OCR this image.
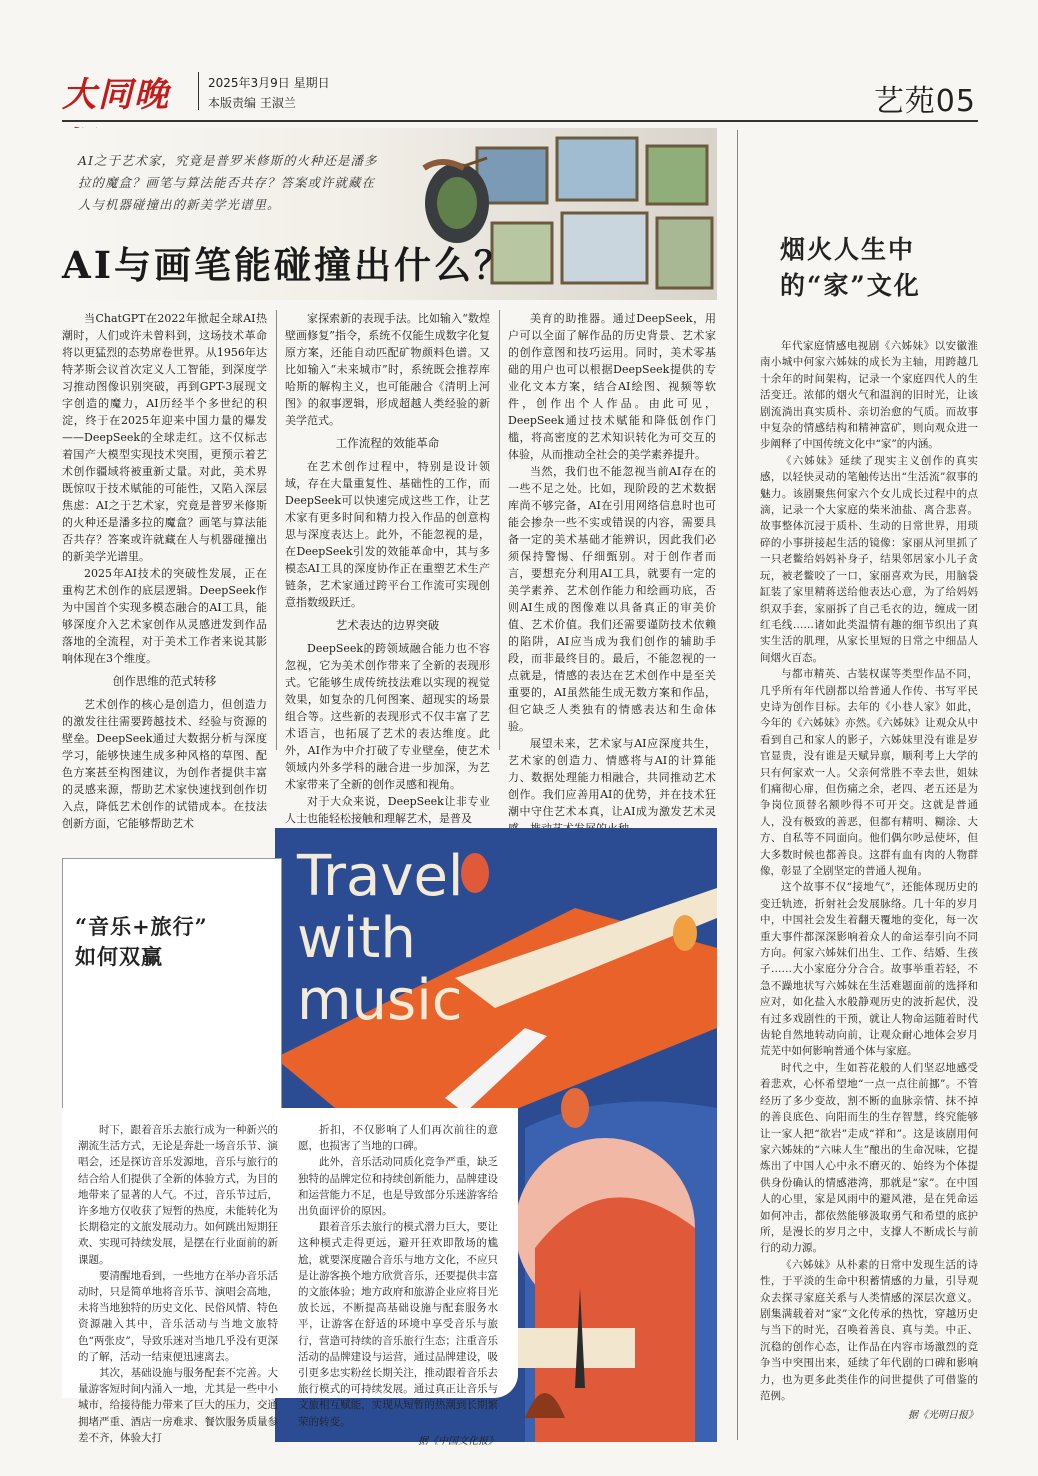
大同晚	2025年3月9日 星期日
本版责编 王淑兰	艺苑05
AI之于艺术家，究竟是普罗米修斯的火种还是潘多拉的魔盒？画笔与算法能否共存？答案或许就藏在人与机器碰撞出的新美学光谱里。
AI与画笔能碰撞出什么？

当ChatGPT在2022年掀起全球AI热潮时，人们或许未曾料到，这场技术革命将以更猛烈的态势席卷世界。从1956年达特茅斯会议首次定义人工智能，到深度学习推动图像识别突破，再到GPT-3展现文字创造的魔力，AI历经半个多世纪的积淀，终于在2025年迎来中国力量的爆发——DeepSeek的全球走红。这不仅标志着国产大模型实现技术突围，更预示着艺术创作疆域将被重新丈量。对此，美术界既惊叹于技术赋能的可能性，又陷入深层焦虑：AI之于艺术家，究竟是普罗米修斯的火种还是潘多拉的魔盒？画笔与算法能否共存？答案或许就藏在人与机器碰撞出的新美学光谱里。

2025年AI技术的突破性发展，正在重构艺术创作的底层逻辑。DeepSeek作为中国首个实现多模态融合的AI工具，能够深度介入艺术家创作从灵感迸发到作品落地的全流程，对于美术工作者来说其影响体现在3个维度。

创作思维的范式转移

艺术创作的核心是创造力，但创造力的激发往往需要跨越技术、经验与资源的壁垒。DeepSeek通过大数据分析与深度学习，能够快速生成多种风格的草图、配色方案甚至构图建议，为创作者提供丰富的灵感来源，帮助艺术家快速找到创作切入点，降低艺术创作的试错成本。在技法创新方面，它能够帮助艺术

家探索新的表现手法。比如输入“数煌壁画修复”指令，系统不仅能生成数字化复原方案，还能自动匹配矿物颜料色谱。又比如输入“未来城市”时，系统既会推荐库哈斯的解构主义，也可能融合《清明上河图》的叙事逻辑，形成超越人类经验的新美学范式。

工作流程的效能革命

在艺术创作过程中，特别是设计领域，存在大量重复性、基础性的工作，而DeepSeek可以快速完成这些工作，让艺术家有更多时间和精力投入作品的创意构思与深度表达上。此外，不能忽视的是，在DeepSeek引发的效能革命中，其与多模态AI工具的深度协作正在重塑艺术生产链条，艺术家通过跨平台工作流可实现创意指数级跃迁。

艺术表达的边界突破

DeepSeek的跨领域融合能力也不容忽视，它为美术创作带来了全新的表现形式。它能够生成传统技法难以实现的视觉效果，如复杂的几何图案、超现实的场景组合等。这些新的表现形式不仅丰富了艺术语言，也拓展了艺术的表达维度。此外，AI作为中介打破了专业壁垒，使艺术领域内外多学科的融合进一步加深，为艺术家带来了全新的创作灵感和视角。

对于大众来说，DeepSeek让非专业人士也能轻松接触和理解艺术，是普及

美育的助推器。通过DeepSeek，用户可以全面了解作品的历史背景、艺术家的创作意图和技巧运用。同时，美术零基础的用户也可以根据DeepSeek提供的专业化文本方案，结合AI绘图、视频等软件，创作出个人作品。由此可见，DeepSeek通过技术赋能和降低创作门槛，将高密度的艺术知识转化为可交互的体验，从而推动全社会的美学素养提升。

当然，我们也不能忽视当前AI存在的一些不足之处。比如，现阶段的艺术数据库尚不够完备，AI在引用网络信息时也可能会掺杂一些不实或错误的内容，需要具备一定的美术基础才能辨识，因此我们必须保持警惕、仔细甄别。对于创作者而言，要想充分利用AI工具，就要有一定的美学素养、艺术创作能力和绘画功底，否则AI生成的图像难以具备真正的审美价值、艺术价值。我们还需要谨防技术依赖的陷阱，AI应当成为我们创作的辅助手段，而非最终目的。最后，不能忽视的一点就是，情感的表达在艺术创作中是至关重要的，AI虽然能生成无数方案和作品，但它缺乏人类独有的情感表达和生命体验。

展望未来，艺术家与AI应深度共生，艺术家的创造力、情感将与AI的计算能力、数据处理能力相融合，共同推动艺术创作。我们应善用AI的优势，并在技术狂潮中守住艺术本真，让AI成为激发艺术灵

烟火人生中
的“家”文化

年代家庭情感电视剧《六姊妹》以安徽淮南小城中何家六姊妹的成长为主轴，用跨越几十余年的时间架构，记录一个家庭四代人的生活变迁。浓郁的烟火气和温润的旧时光，让该剧流淌出真实质朴、亲切治愈的气质。而故事中复杂的情感结构和精神富矿，则向观众进一步阐释了中国传统文化中“家”的内涵。

《六姊妹》延续了现实主义创作的真实感，以轻快灵动的笔触传达出“生活流”叙事的魅力。该剧聚焦何家六个女儿成长过程中的点滴，记录一个大家庭的柴米油盐、离合悲喜。故事整体沉浸于质朴、生动的日常世界，用琐碎的小事拼接起生活的镜像：家丽从河里抓了一只老鳖给妈妈补身子，结果邻居家小儿子贪玩，被老鳖咬了一口，家丽喜欢为民，用脑袋缸装了家里精蒋送给他表达心意，为了给妈妈织双手套，家丽拆了自己毛衣的边，缠成一团红毛线……诸如此类温情有趣的细节织出了真实生活的肌理，从家长里短的日常之中细品人间烟火百态。

与都市精英、古装权谋等类型作品不同，几乎所有年代剧都以给普通人作传、书写平民史诗为创作目标。去年的《小巷人家》如此，今年的《六姊妹》亦然。《六姊妹》让观众从中看到自己和家人的影子，六姊妹里没有谁是岁官显贵，没有谁是天赋异禀，顺利考上大学的只有何家欢一人。父亲何常胜不幸去世，姐妹们痛彻心扉，但伤痛之余，老四、老五还是为争岗位顶替名额吵得不可开交。这就是普通人，没有极致的善恶，但都有精明、糊涂、大方、自私等不同面向。他们偶尔吵忌使坏，但大多数时候也都善良。这群有血有肉的人物群像，彰显了全剧坚定的普通人视角。

这个故事不仅“接地气”，还能体现历史的变迁轨迹，折射社会发展脉络。几十年的岁月中，中国社会发生着翻天覆地的变化，每一次重大事件都深深影响着众人的命运奉引向不同方向。何家六姊妹们出生、工作、结婚、生孩子……大小家庭分分合合。故事举重若轻，不急不躁地状写六姊妹在生活难题面前的选择和应对，如化盐入水般静观历史的波折起伏，没有过多戏剧性的干预，就让人物命运随着时代齿轮自然地转动向前，让观众耐心地体会岁月荒芜中如何影响普通个体与家庭。

时代之中，生如苔花般的人们坚忍地感受着悲欢，心怀希望地“一点一点往前挪”。不管经历了多少变故，割不断的血脉亲情、抹不掉的善良底色、向阳而生的生存智慧，终究能够让一家人把“欲岩”走成“祥和”。这是该剧用何家六姊妹的“六味人生”酿出的生命况味，它提炼出了中国人心中永不磨灭的、始终为个体提供身份确认的情感港湾，那就是“家”。在中国人的心里，家是风雨中的避风港，是在凭命运如何冲击，都依然能够汲取勇气和希望的底护所，是漫长的岁月之中，支撑人不断成长与前行的动力源。

《六姊妹》从朴素的日常中发现生活的诗性，于平淡的生命中积蓄情感的力量，引导观众去探寻家庭关系与人类情感的深层次意义。剧集满载着对“家”文化传承的热忱，穿越历史与当下的时光，召唤着善良、真与美。中正、沉稳的创作心态，让作品在内容市场激烈的竞争当中突围出来，延续了年代剧的口碑和影响力，也为更多此类佳作的问世提供了可借鉴的范例。

据《光明日报》

Travel
with
music
“音乐+旅行”
如何双赢

时下，跟着音乐去旅行成为一种新兴的潮流生活方式，无论是奔赴一场音乐节、演唱会，还是探访音乐发源地，音乐与旅行的结合给人们提供了全新的体验方式，为目的地带来了显著的人气。不过，音乐节过后，许多地方仅收获了短暂的热度，未能转化为长期稳定的文旅发展动力。如何跳出短期狂欢、实现可持续发展，是摆在行业面前的新课题。

要清醒地看到，一些地方在举办音乐活动时，只是简单地将音乐节、演唱会高地，未将当地独特的历史文化、民俗风情、特色资源融入其中，音乐活动与当地文旅特色“两张皮”，导致乐迷对当地几乎没有更深的了解，活动一结束便迅速离去。

其次，基础设施与服务配套不完善。大量游客短时间内涌入一地，尤其是一些中小城市，给接待能力带来了巨大的压力，交通拥堵严重、酒店一房难求、餐饮服务质量参差不齐，体验大打

折扣，不仅影响了人们再次前往的意愿，也损害了当地的口碑。

此外，音乐活动同质化竞争严重，缺乏独特的品牌定位和持续创新能力，品牌建设和运营能力不足，也是导致部分乐迷游客给出负面评价的原因。

跟着音乐去旅行的模式潜力巨大，要让这种模式走得更远，避开狂欢即散场的尴尬，就要深度融合音乐与地方文化，不应只是让游客换个地方欣赏音乐，还要提供丰富的文旅体验；地方政府和旅游企业应将目光放长远，不断提高基础设施与配套服务水平，让游客在舒适的环境中享受音乐与旅行，营造可持续的音乐旅行生态；注重音乐活动的品牌建设与运营，通过品牌建设，吸引更多忠实粉丝长期关注，推动跟着音乐去旅行模式的可持续发展。通过真正让音乐与文旅相互赋能，实现从短暂的热潮到长期繁荣的转变。

据《中国文化报》
